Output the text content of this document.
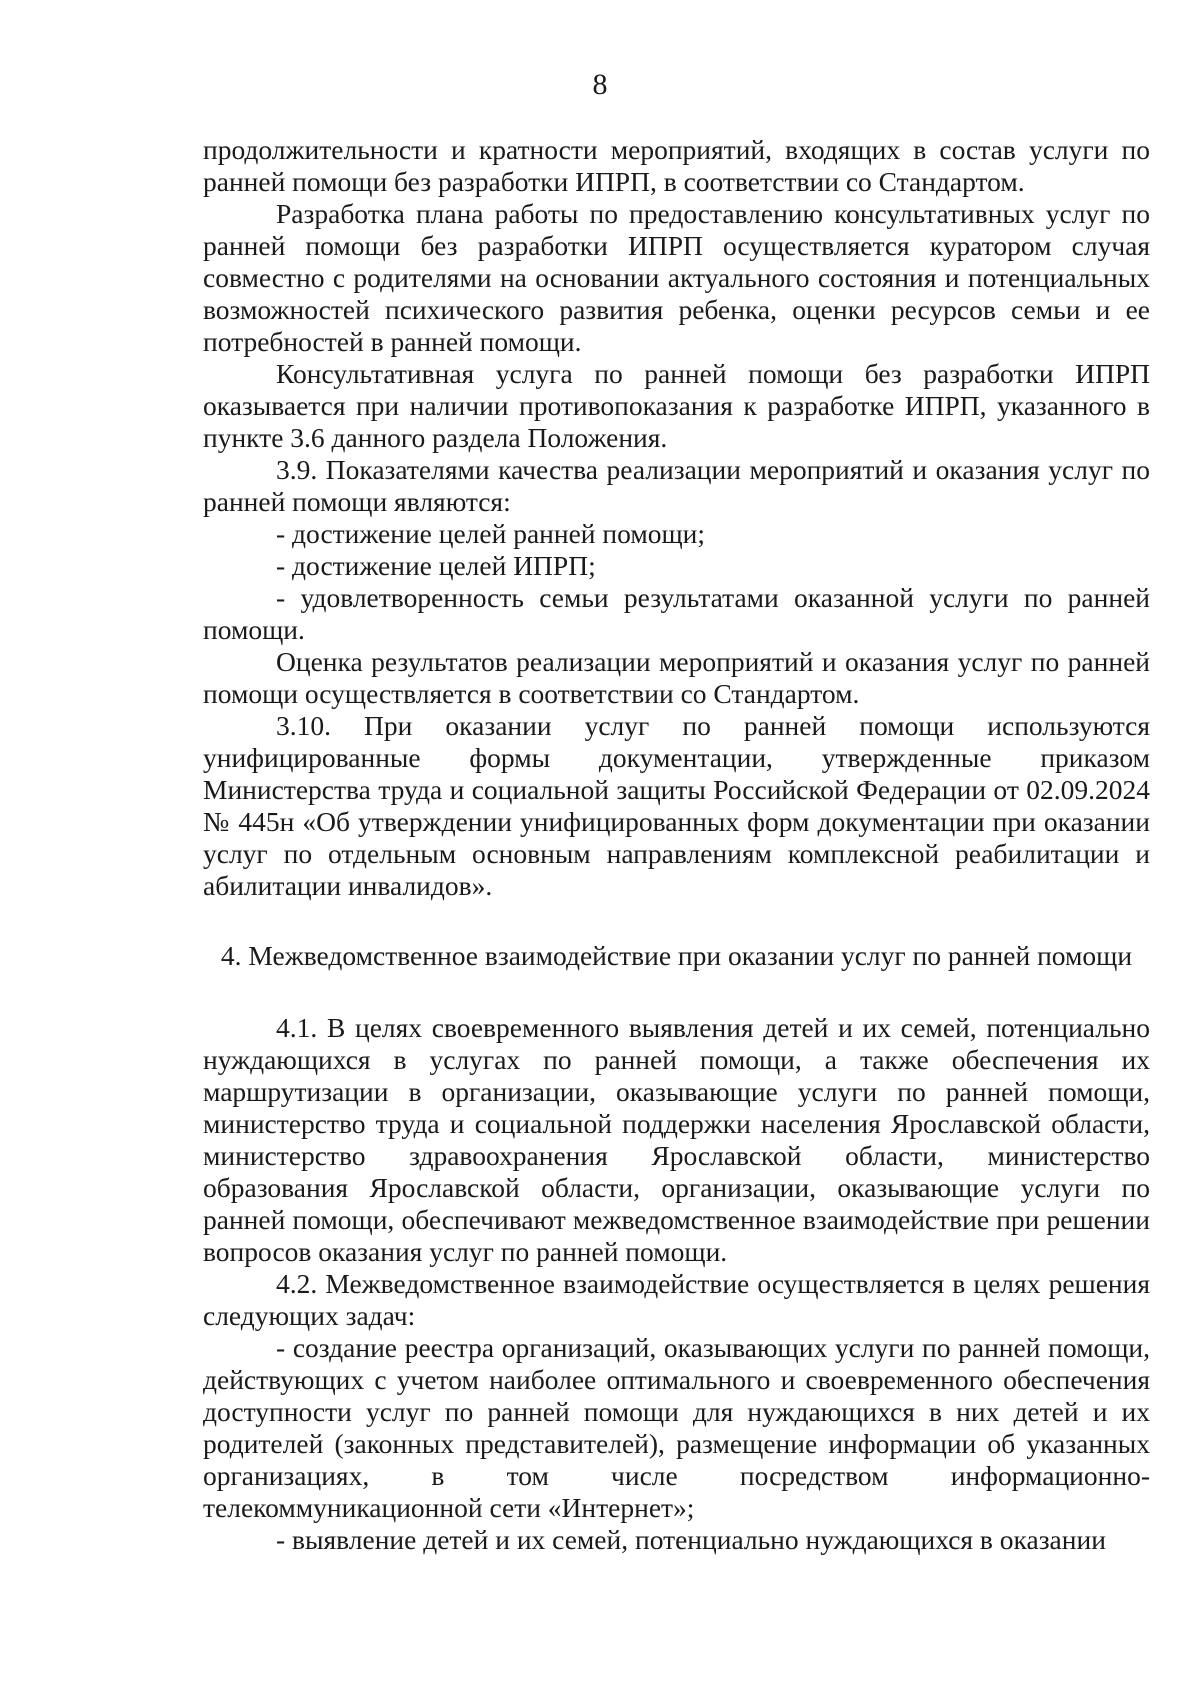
8

продолжительности и кратности мероприятий, входящих в состав услуги по ранней помощи без разработки ИПРП, в соответствии со Стандартом.

Разработка плана работы по предоставлению консультативных услуг по ранней помощи без разработки ИПРП осуществляется куратором случая совместно с родителями на основании актуального состояния и потенциальных возможностей психического развития ребенка, оценки ресурсов семьи и ее потребностей в ранней помощи.

Консультативная услуга по ранней помощи без разработки ИПРП оказывается при наличии противопоказания к разработке ИПРП, указанного в пункте 3.6 данного раздела Положения.

3.9. Показателями качества реализации мероприятий и оказания услуг по ранней помощи являются:

- достижение целей ранней помощи;

- достижение целей ИПРП;

- удовлетворенность семьи результатами оказанной услуги по ранней помощи.

Оценка результатов реализации мероприятий и оказания услуг по ранней помощи осуществляется в соответствии со Стандартом.

3.10. При оказании услуг по ранней помощи используются унифицированные формы документации, утвержденные приказом Министерства труда и социальной защиты Российской Федерации от 02.09.2024 № 445н «Об утверждении унифицированных форм документации при оказании услуг по отдельным основным направлениям комплексной реабилитации и абилитации инвалидов».

4. Межведомственное взаимодействие при оказании услуг по ранней помощи

4.1. В целях своевременного выявления детей и их семей, потенциально нуждающихся в услугах по ранней помощи, а также обеспечения их маршрутизации в организации, оказывающие услуги по ранней помощи, министерство труда и социальной поддержки населения Ярославской области, министерство здравоохранения Ярославской области, министерство образования Ярославской области, организации, оказывающие услуги по ранней помощи, обеспечивают межведомственное взаимодействие при решении вопросов оказания услуг по ранней помощи.

4.2. Межведомственное взаимодействие осуществляется в целях решения следующих задач:

- создание реестра организаций, оказывающих услуги по ранней помощи, действующих с учетом наиболее оптимального и своевременного обеспечения доступности услуг по ранней помощи для нуждающихся в них детей и их родителей (законных представителей), размещение информации об указанных организациях, в том числе посредством информационно-телекоммуникационной сети «Интернет»;

- выявление детей и их семей, потенциально нуждающихся в оказании
